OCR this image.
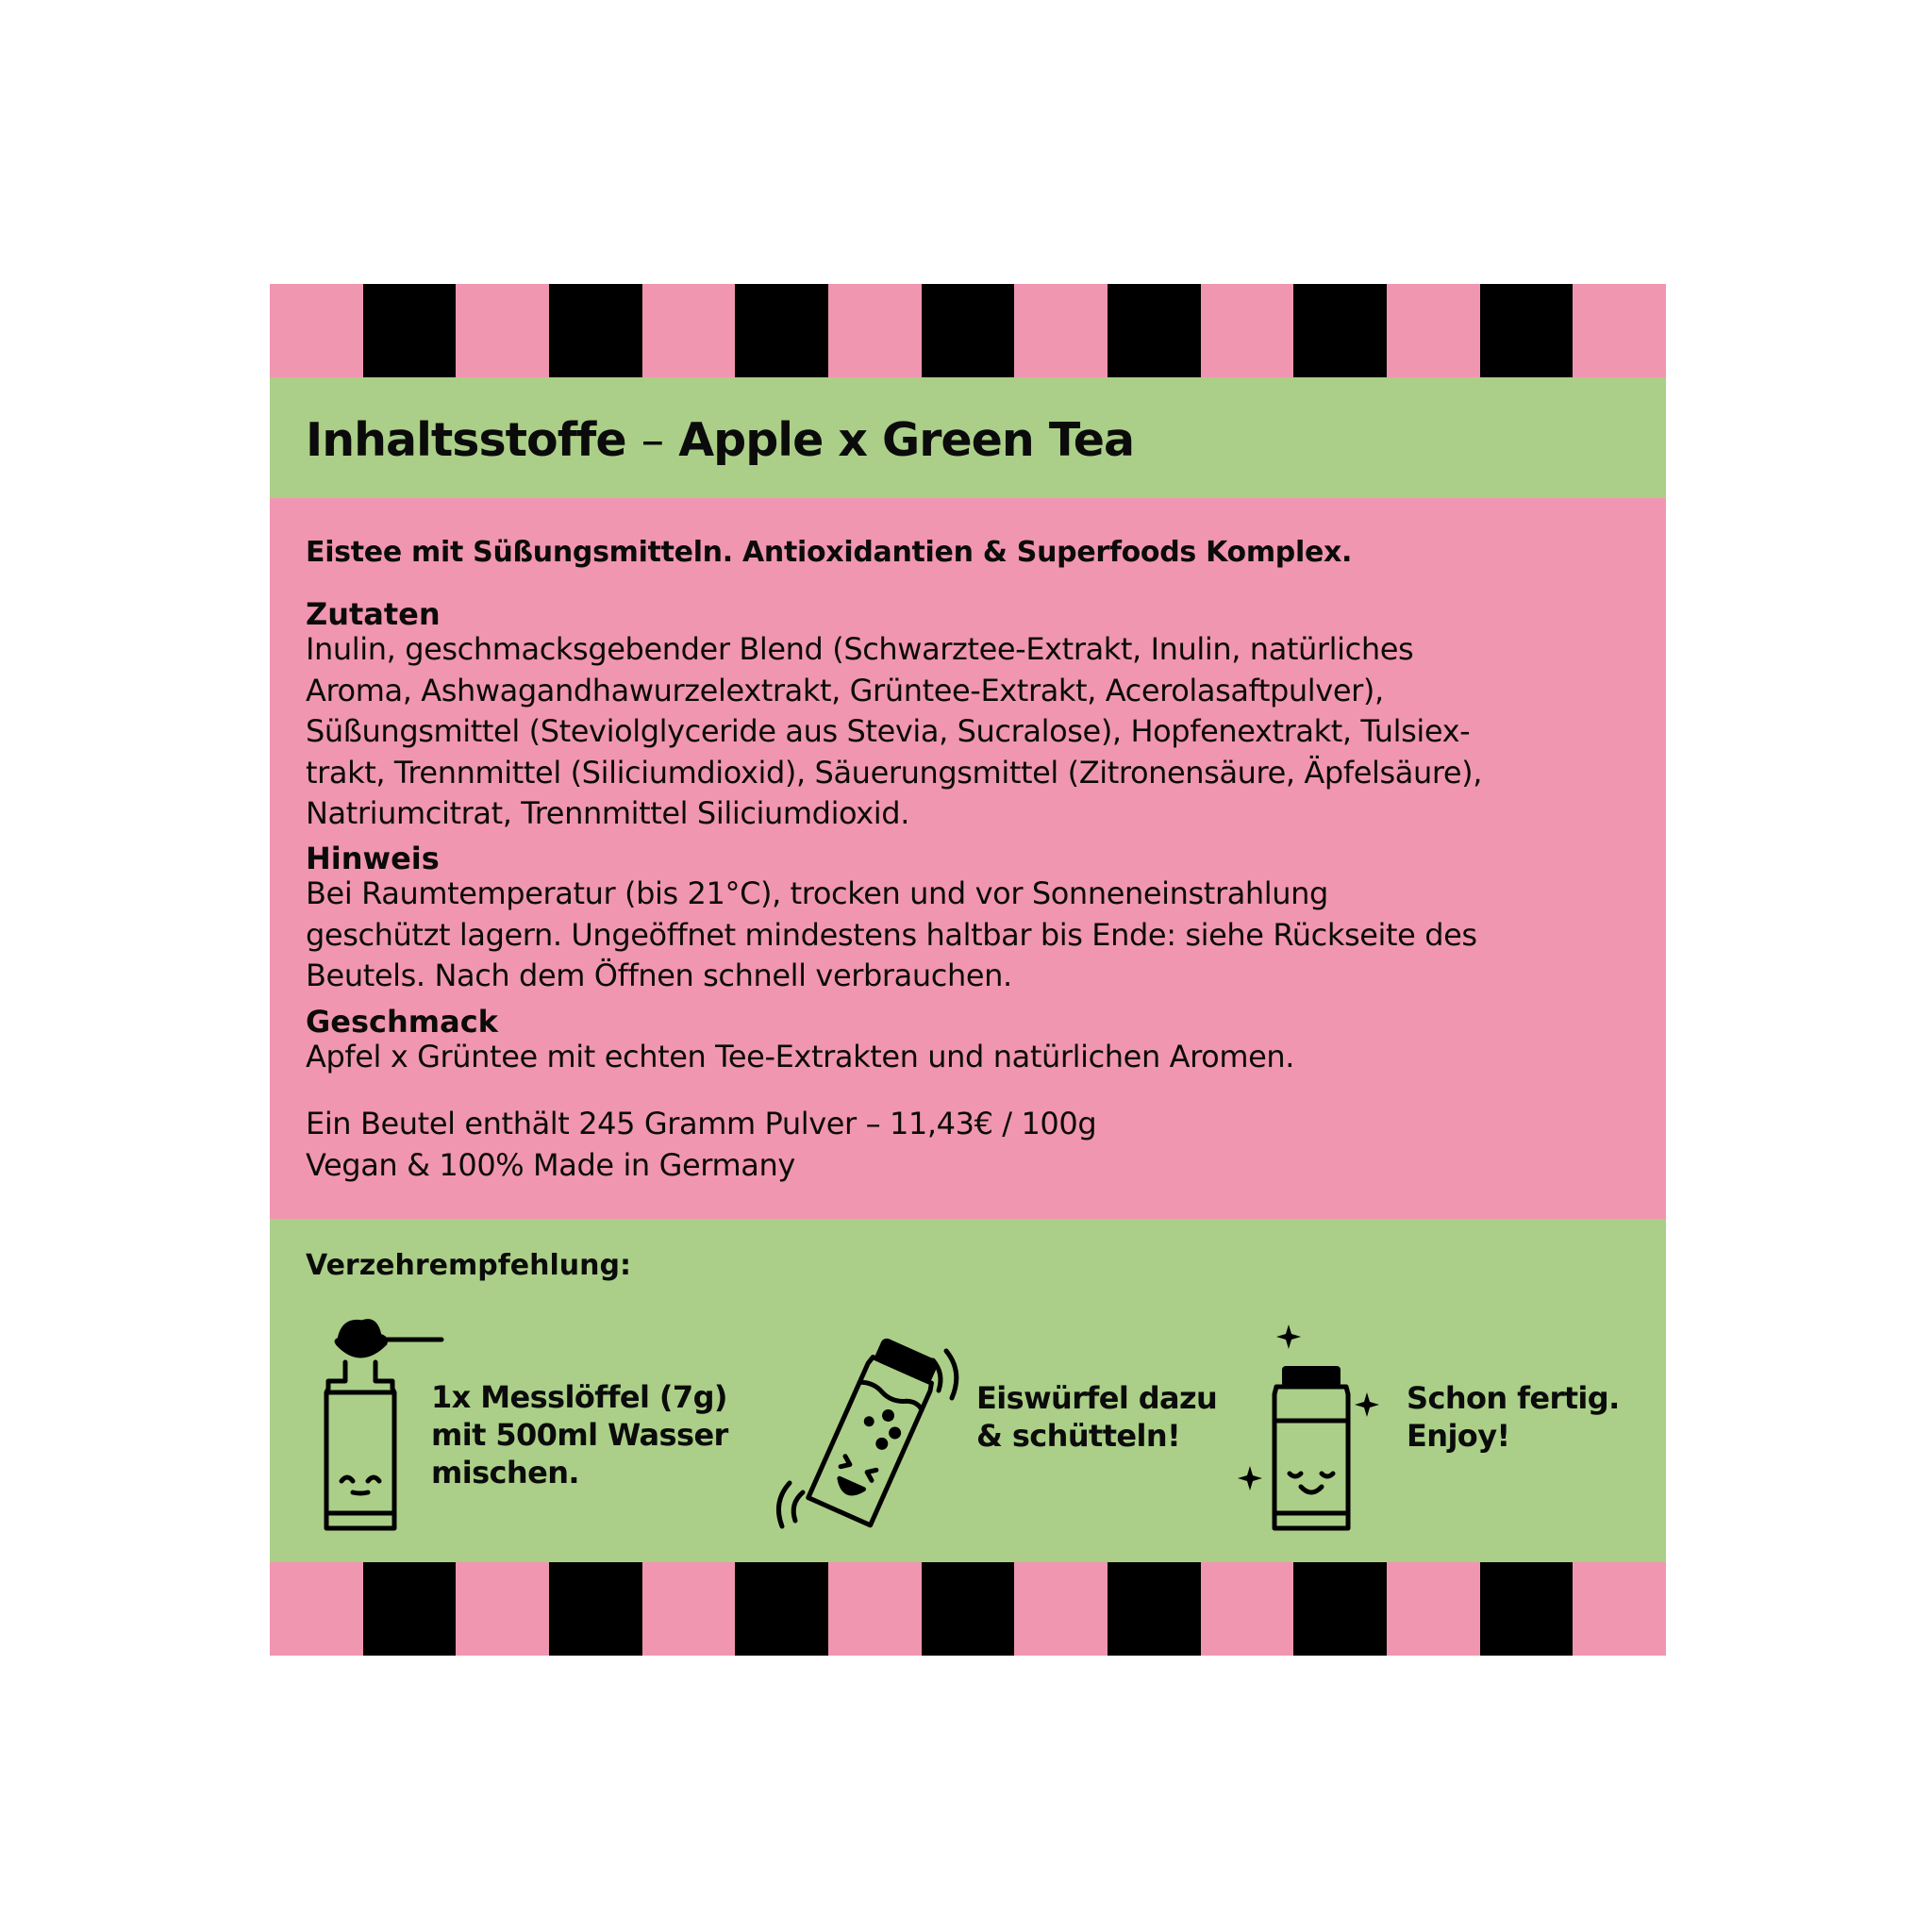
Inhaltsstoffe – Apple x Green Tea
Eistee mit Süßungsmitteln. Antioxidantien & Superfoods Komplex.
Zutaten
Inulin, geschmacksgebender Blend (Schwarztee-Extrakt, Inulin, natürliches
Aroma, Ashwagandhawurzelextrakt, Grüntee-Extrakt, Acerolasaftpulver),
Süßungsmittel (Steviolglyceride aus Stevia, Sucralose), Hopfenextrakt, Tulsiex-
trakt, Trennmittel (Siliciumdioxid), Säuerungsmittel (Zitronensäure, Äpfelsäure),
Natriumcitrat, Trennmittel Siliciumdioxid.
Hinweis
Bei Raumtemperatur (bis 21°C), trocken und vor Sonneneinstrahlung
geschützt lagern. Ungeöffnet mindestens haltbar bis Ende: siehe Rückseite des
Beutels. Nach dem Öffnen schnell verbrauchen.
Geschmack
Apfel x Grüntee mit echten Tee-Extrakten und natürlichen Aromen.
Ein Beutel enthält 245 Gramm Pulver – 11,43€ / 100g
Vegan & 100% Made in Germany
Verzehrempfehlung:
1x Messlöffel (7g)
mit 500ml Wasser
mischen.
Eiswürfel dazu
& schütteln!
Schon fertig.
Enjoy!
